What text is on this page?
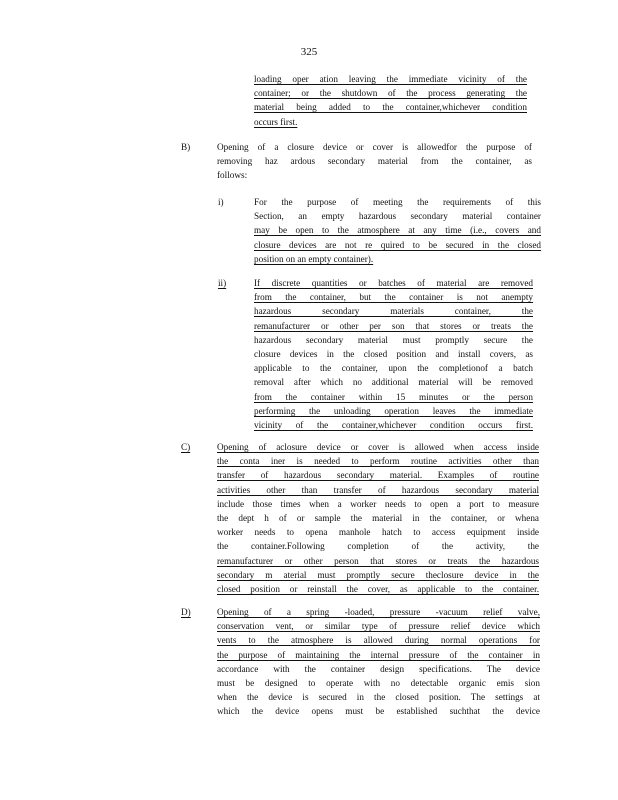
325
loading oper ation leaving the immediate vicinity of the
container; or the shutdown of the process generating the
material being added to the container,whichever condition
occurs first.
B)	Opening of a closure device or cover is allowedfor the purpose of
removing haz ardous secondary material from the container, as
follows:
i)	For the purpose of meeting the requirements of this
Section, an empty hazardous secondary material container
may be open to the atmosphere at any time (i.e., covers and
closure devices are not re quired to be secured in the closed
position on an empty container).
ii)	If discrete quantities or batches of material are removed
from the container, but the container is not anempty
hazardous secondary materials container, the
remanufacturer or other per son that stores or treats the
hazardous secondary material must promptly secure the
closure devices in the closed position and install covers, as
applicable to the container, upon the completionof a batch
removal after which no additional material will be removed
from the container within 15 minutes or the person
performing the unloading operation leaves the immediate
vicinity of the container,whichever condition occurs first.
C)	Opening of aclosure device or cover is allowed when access inside
the conta iner is needed to perform routine activities other than
transfer of hazardous secondary material. Examples of routine
activities other than transfer of hazardous secondary material
include those times when a worker needs to open a port to measure
the dept h of or sample the material in the container, or whena
worker needs to opena manhole hatch to access equipment inside
the container.Following completion of the activity, the
remanufacturer or other person that stores or treats the hazardous
secondary m aterial must promptly secure theclosure device in the
closed position or reinstall the cover, as applicable to the container.
D)	Opening of a spring -loaded, pressure -vacuum relief valve,
conservation vent, or similar type of pressure relief device which
vents to the atmosphere is allowed during normal operations for
the purpose of maintaining the internal pressure of the container in
accordance with the container design specifications. The device
must be designed to operate with no detectable organic emis sion
when the device is secured in the closed position. The settings at
which the device opens must be established suchthat the device
